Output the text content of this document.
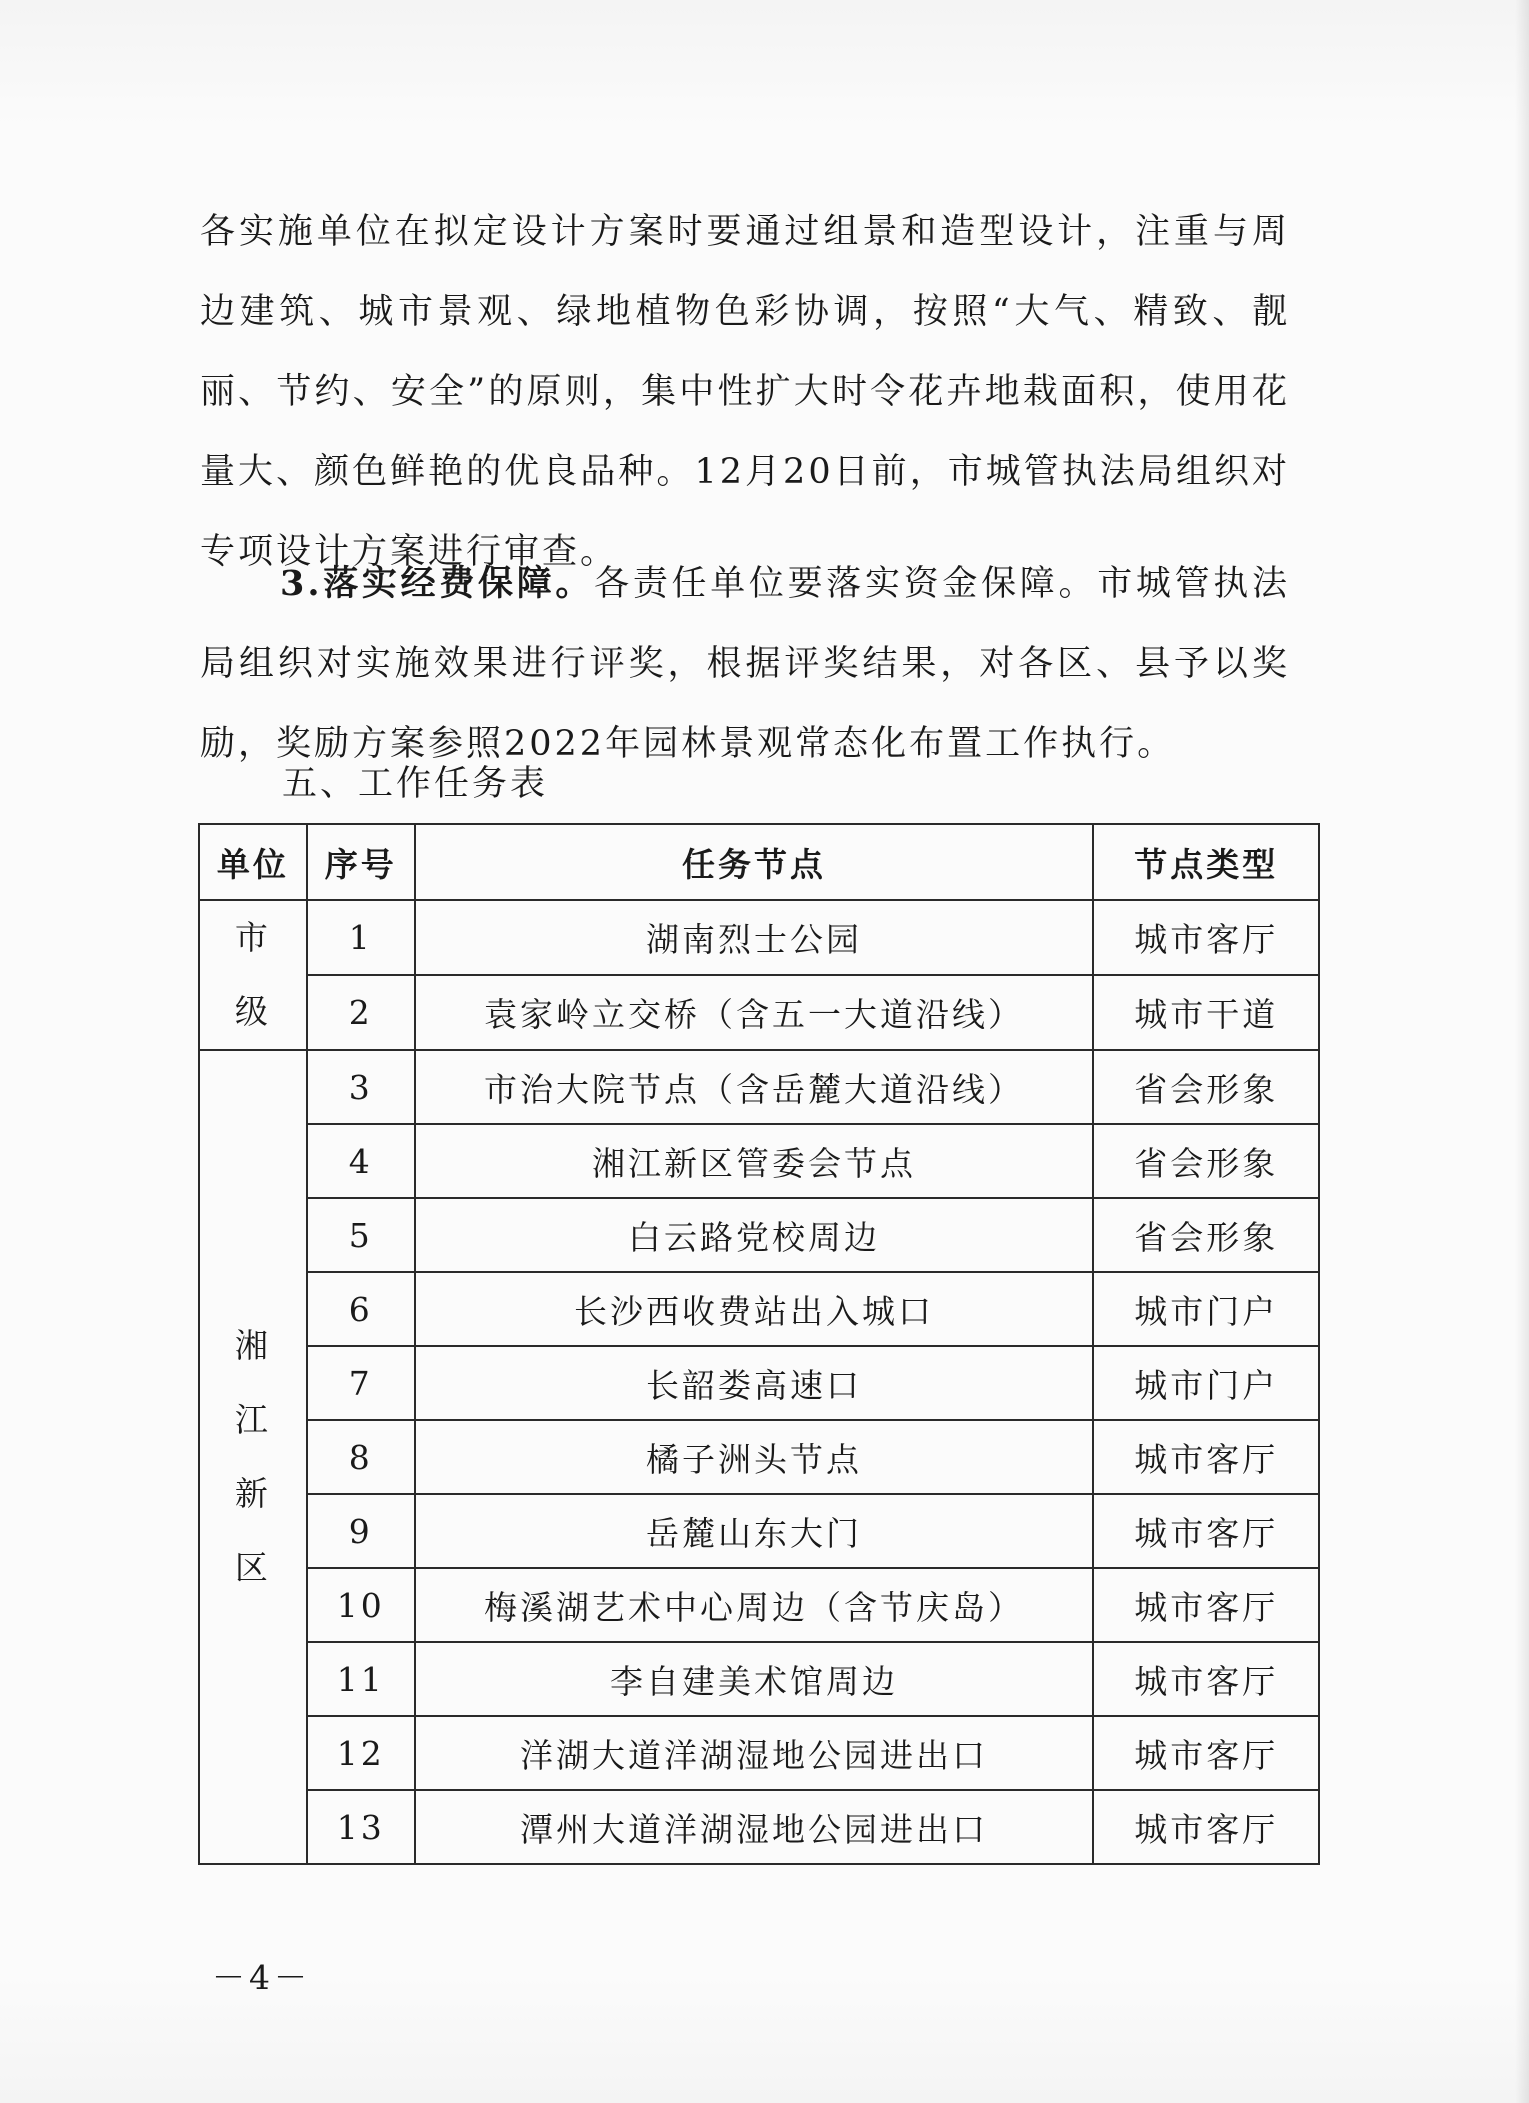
各实施单位在拟定设计方案时要通过组景和造型设计，注重与周边建筑、城市景观、绿地植物色彩协调，按照“大气、精致、靓丽、节约、安全”的原则，集中性扩大时令花卉地栽面积，使用花量大、颜色鲜艳的优良品种。12月20日前，市城管执法局组织对专项设计方案进行审查。

3.落实经费保障。各责任单位要落实资金保障。市城管执法局组织对实施效果进行评奖，根据评奖结果，对各区、县予以奖励，奖励方案参照2022年园林景观常态化布置工作执行。

五、工作任务表
单位	序号	任务节点	节点类型

市
级	1	湖南烈士公园	城市客厅
	2	袁家岭立交桥（含五一大道沿线）	城市干道

湘
江
新
区	3	市治大院节点（含岳麓大道沿线）	省会形象
	4	湘江新区管委会节点	省会形象
	5	白云路党校周边	省会形象
	6	长沙西收费站出入城口	城市门户
	7	长韶娄高速口	城市门户
	8	橘子洲头节点	城市客厅
	9	岳麓山东大门	城市客厅
	10	梅溪湖艺术中心周边（含节庆岛）	城市客厅
	11	李自建美术馆周边	城市客厅
	12	洋湖大道洋湖湿地公园进出口	城市客厅
	13	潭州大道洋湖湿地公园进出口	城市客厅
－4－
